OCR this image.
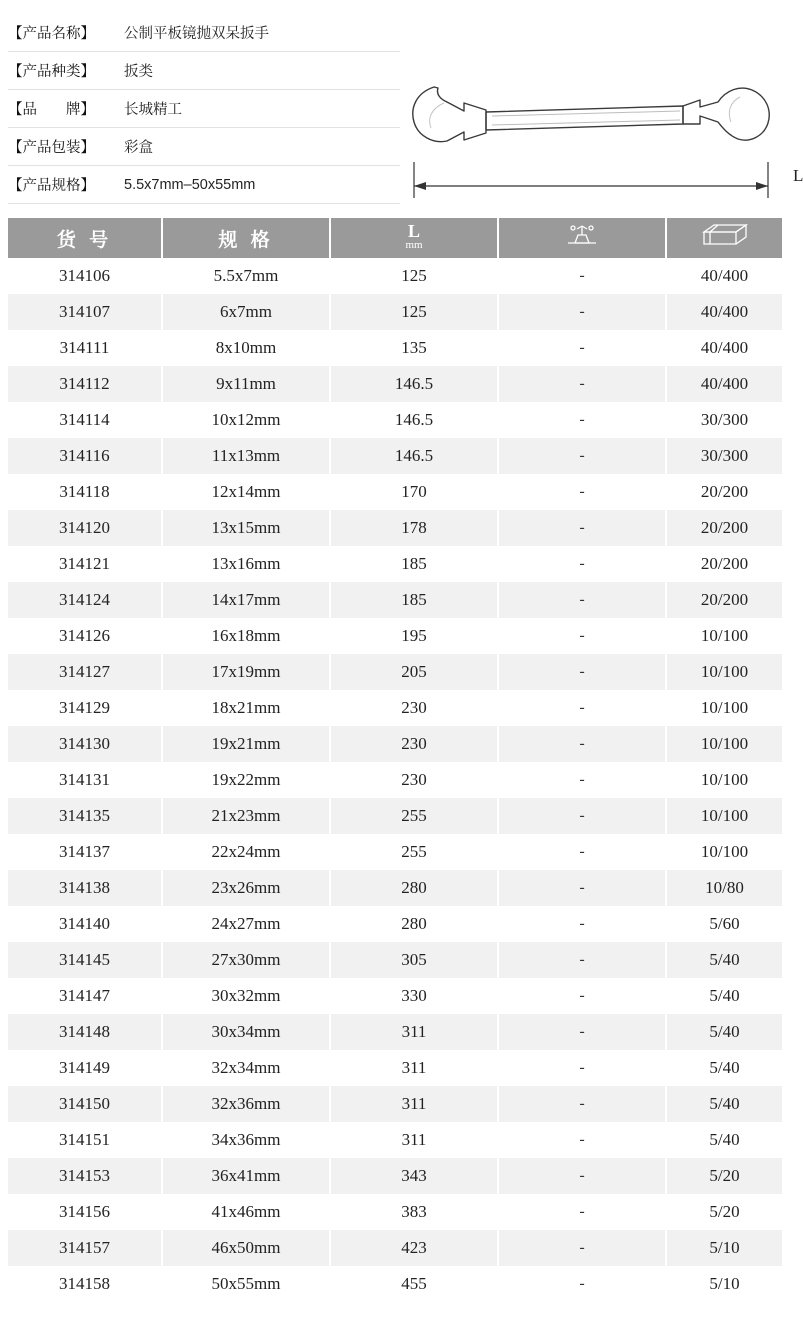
【产品名称】	公制平板镜抛双呆扳手
【产品种类】	扳类
【品　　牌】	长城精工
【产品包装】	彩盒
【产品规格】	5.5x7mm–50x55mm	L
货 号	规 格	L
mm

314106	5.5x7mm	125	-	40/400
314107	6x7mm	125	-	40/400
314111	8x10mm	135	-	40/400
314112	9x11mm	146.5	-	40/400
314114	10x12mm	146.5	-	30/300
314116	11x13mm	146.5	-	30/300
314118	12x14mm	170	-	20/200
314120	13x15mm	178	-	20/200
314121	13x16mm	185	-	20/200
314124	14x17mm	185	-	20/200
314126	16x18mm	195	-	10/100
314127	17x19mm	205	-	10/100
314129	18x21mm	230	-	10/100
314130	19x21mm	230	-	10/100
314131	19x22mm	230	-	10/100
314135	21x23mm	255	-	10/100
314137	22x24mm	255	-	10/100
314138	23x26mm	280	-	10/80
314140	24x27mm	280	-	5/60
314145	27x30mm	305	-	5/40
314147	30x32mm	330	-	5/40
314148	30x34mm	311	-	5/40
314149	32x34mm	311	-	5/40
314150	32x36mm	311	-	5/40
314151	34x36mm	311	-	5/40
314153	36x41mm	343	-	5/20
314156	41x46mm	383	-	5/20
314157	46x50mm	423	-	5/10
314158	50x55mm	455	-	5/10
